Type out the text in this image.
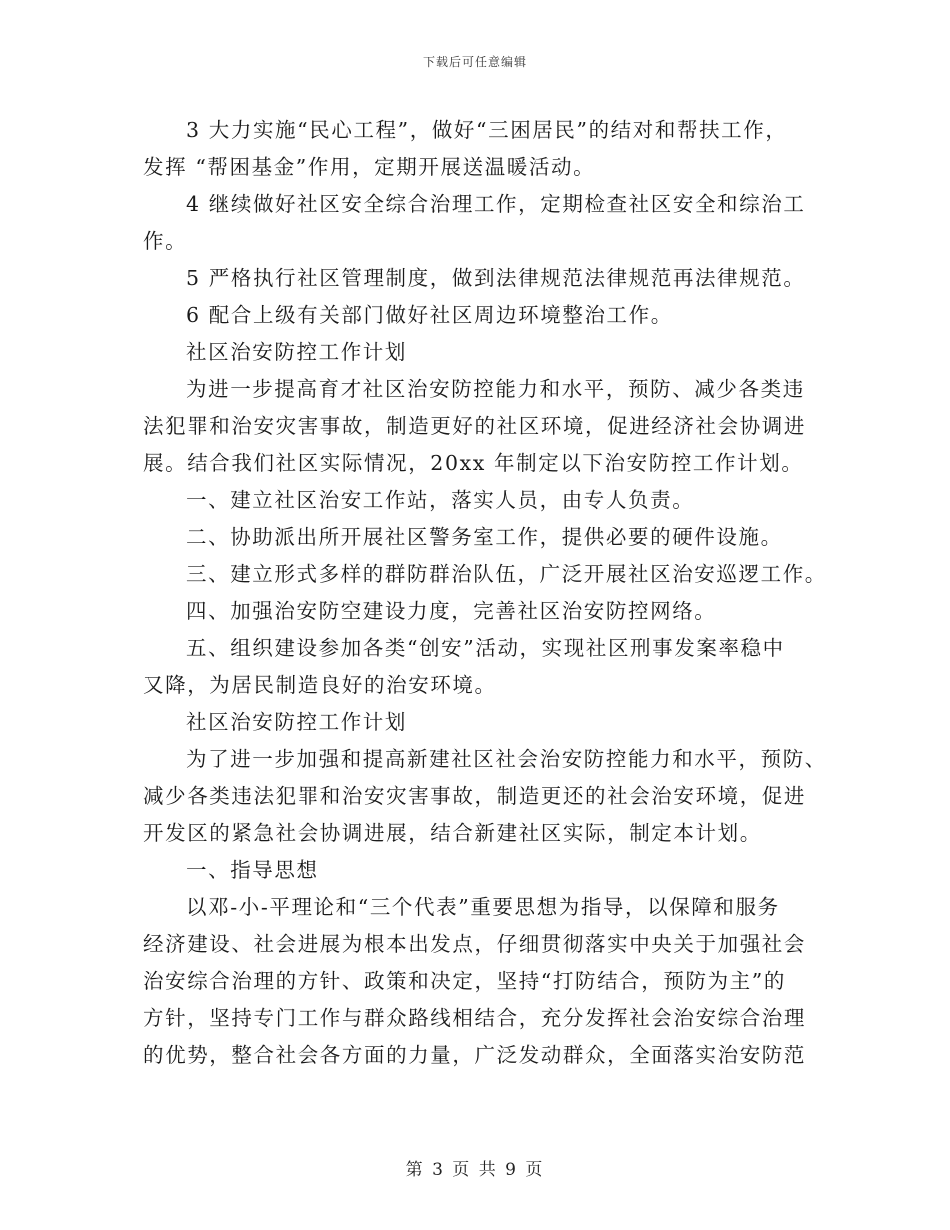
下载后可任意编辑
3 大力实施“民心工程”，做好“三困居民”的结对和帮扶工作，
发挥 “帮困基金”作用，定期开展送温暖活动。
4 继续做好社区安全综合治理工作，定期检查社区安全和综治工
作。
5 严格执行社区管理制度，做到法律规范法律规范再法律规范。
6 配合上级有关部门做好社区周边环境整治工作。
社区治安防控工作计划
为进一步提高育才社区治安防控能力和水平，预防、减少各类违
法犯罪和治安灾害事故，制造更好的社区环境，促进经济社会协调进
展。结合我们社区实际情况，20xx 年制定以下治安防控工作计划。
一、建立社区治安工作站，落实人员，由专人负责。
二、协助派出所开展社区警务室工作，提供必要的硬件设施。
三、建立形式多样的群防群治队伍，广泛开展社区治安巡逻工作。
四、加强治安防空建设力度，完善社区治安防控网络。
五、组织建设参加各类“创安”活动，实现社区刑事发案率稳中
又降，为居民制造良好的治安环境。
社区治安防控工作计划
为了进一步加强和提高新建社区社会治安防控能力和水平，预防、
减少各类违法犯罪和治安灾害事故，制造更还的社会治安环境，促进
开发区的紧急社会协调进展，结合新建社区实际，制定本计划。
一、指导思想
以邓-小-平理论和“三个代表”重要思想为指导，以保障和服务
经济建设、社会进展为根本出发点，仔细贯彻落实中央关于加强社会
治安综合治理的方针、政策和决定，坚持“打防结合，预防为主”的
方针，坚持专门工作与群众路线相结合，充分发挥社会治安综合治理
的优势，整合社会各方面的力量，广泛发动群众，全面落实治安防范
第 3 页 共 9 页
